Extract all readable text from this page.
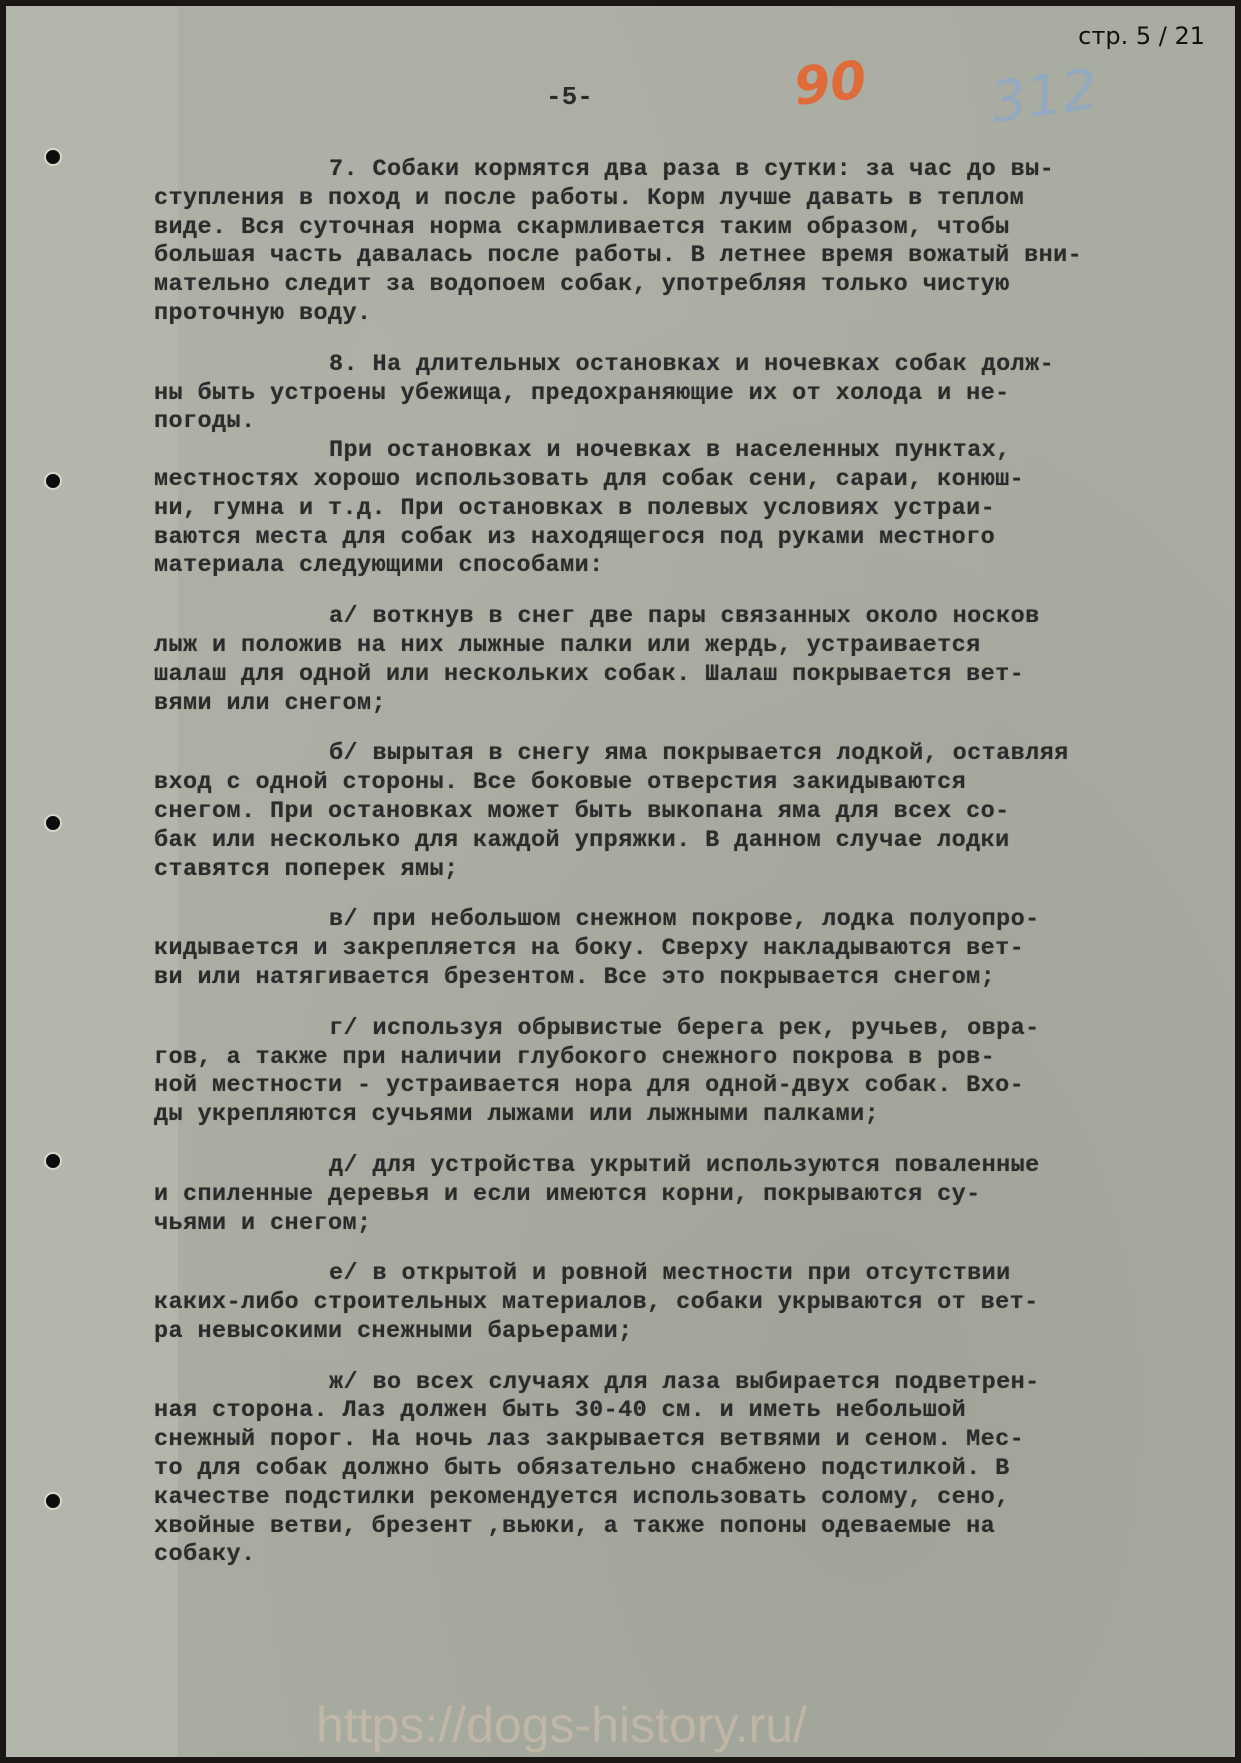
-5-	90 312
7. Собаки кормятся два раза в сутки: за час до вы-
ступления в поход и после работы. Корм лучше давать в теплом
виде. Вся суточная норма скармливается таким образом, чтобы
большая часть давалась после работы. В летнее время вожатый вни-
мательно следит за водопоем собак, употребляя только чистую
проточную воду.
8. На длительных остановках и ночевках собак долж-
ны быть устроены убежища, предохраняющие их от холода и не-
погоды.
При остановках и ночевках в населенных пунктах,
местностях хорошо использовать для собак сени, сараи, конюш-
ни, гумна и т.д. При остановках в полевых условиях устраи-
ваются места для собак из находящегося под руками местного
материала следующими способами:
а/ воткнув в снег две пары связанных около носков
лыж и положив на них лыжные палки или жердь, устраивается
шалаш для одной или нескольких собак. Шалаш покрывается вет-
вями или снегом;
б/ вырытая в снегу яма покрывается лодкой, оставляя
вход с одной стороны. Все боковые отверстия закидываются
снегом. При остановках может быть выкопана яма для всех со-
бак или несколько для каждой упряжки. В данном случае лодки
ставятся поперек ямы;
в/ при небольшом снежном покрове, лодка полуопро-
кидывается и закрепляется на боку. Сверху накладываются вет-
ви или натягивается брезентом. Все это покрывается снегом;
г/ используя обрывистые берега рек, ручьев, овра-
гов, а также при наличии глубокого снежного покрова в ров-
ной местности - устраивается нора для одной-двух собак. Вхо-
ды укрепляются сучьями лыжами или лыжными палками;
д/ для устройства укрытий используются поваленные
и спиленные деревья и если имеются корни, покрываются су-
чьями и снегом;
е/ в открытой и ровной местности при отсутствии
каких-либо строительных материалов, собаки укрываются от вет-
ра невысокими снежными барьерами;
ж/ во всех случаях для лаза выбирается подветрен-
ная сторона. Лаз должен быть 30-40 см. и иметь небольшой
снежный порог. На ночь лаз закрывается ветвями и сеном. Мес-
то для собак должно быть обязательно снабжено подстилкой. В
качестве подстилки рекомендуется использовать солому, сено,
хвойные ветви, брезент ,вьюки, а также попоны одеваемые на
собаку.
https://dogs-history.ru/
стр. 5 / 21
